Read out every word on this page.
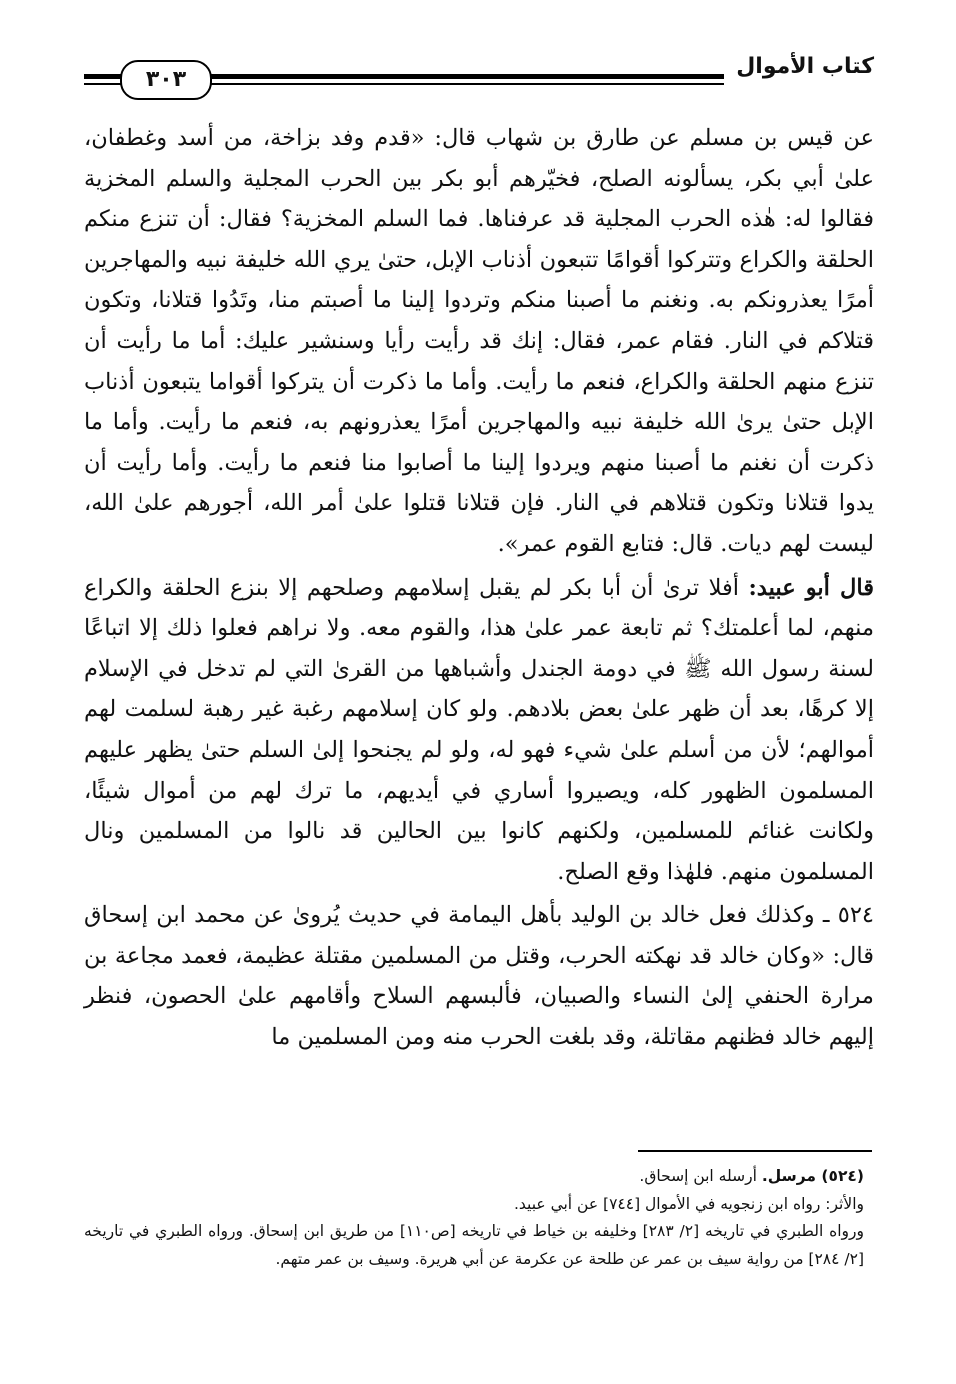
كتاب الأموال
٣٠٣

عن قيس بن مسلم عن طارق بن شهاب قال: «قدم وفد بزاخة، من أسد وغطفان، علىٰ أبي بكر، يسألونه الصلح، فخيّرهم أبو بكر بين الحرب المجلية والسلم المخزية فقالوا له: هٰذه الحرب المجلية قد عرفناها. فما السلم المخزية؟ فقال: أن تنزع منكم الحلقة والكراع وتتركوا أقوامًا تتبعون أذناب الإبل، حتىٰ يري الله خليفة نبيه والمهاجرين أمرًا يعذرونكم به. ونغنم ما أصبنا منكم وتردوا إلينا ما أصبتم منا، وتَدُوا قتلانا، وتكون قتلاكم في النار. فقام عمر، فقال: إنك قد رأيت رأيا وسنشير عليك: أما ما رأيت أن تنزع منهم الحلقة والكراع، فنعم ما رأيت. وأما ما ذكرت أن يتركوا أقواما يتبعون أذناب الإبل حتىٰ يرىٰ الله خليفة نبيه والمهاجرين أمرًا يعذرونهم به، فنعم ما رأيت. وأما ما ذكرت أن نغنم ما أصبنا منهم ويردوا إلينا ما أصابوا منا فنعم ما رأيت. وأما رأيت أن يدوا قتلانا وتكون قتلاهم في النار. فإن قتلانا قتلوا علىٰ أمر الله، أجورهم علىٰ الله، ليست لهم ديات. قال: فتابع القوم عمر».

قال أبو عبيد: أفلا ترىٰ أن أبا بكر لم يقبل إسلامهم وصلحهم إلا بنزع الحلقة والكراع منهم، لما أعلمتك؟ ثم تابعة عمر علىٰ هذا، والقوم معه. ولا نراهم فعلوا ذلك إلا اتباعًا لسنة رسول الله ﷺ في دومة الجندل وأشباهها من القرىٰ التي لم تدخل في الإسلام إلا كرهًا، بعد أن ظهر علىٰ بعض بلادهم. ولو كان إسلامهم رغبة غير رهبة لسلمت لهم أموالهم؛ لأن من أسلم علىٰ شيء فهو له، ولو لم يجنحوا إلىٰ السلم حتىٰ يظهر عليهم المسلمون الظهور كله، ويصيروا أساري في أيديهم، ما ترك لهم من أموال شيئًا، ولكانت غنائم للمسلمين، ولكنهم كانوا بين الحالين قد نالوا من المسلمين ونال المسلمون منهم. فلهٰذا وقع الصلح.

٥٢٤ ـ وكذلك فعل خالد بن الوليد بأهل اليمامة في حديث يُروىٰ عن محمد ابن إسحاق قال: «وكان خالد قد نهكته الحرب، وقتل من المسلمين مقتلة عظيمة، فعمد مجاعة بن مرارة الحنفي إلىٰ النساء والصبيان، فألبسهم السلاح وأقامهم علىٰ الحصون، فنظر إليهم خالد فظنهم مقاتلة، وقد بلغت الحرب منه ومن المسلمين ما

(٥٢٤) مرسل. أرسله ابن إسحاق.

والأثر: رواه ابن زنجويه في الأموال [٧٤٤] عن أبي عبيد.

ورواه الطبري في تاريخه [٢/ ٢٨٣] وخليفه بن خياط في تاريخه [ص١١٠] من طريق ابن إسحاق. ورواه الطبري في تاريخه [٢/ ٢٨٤] من رواية سيف بن عمر عن طلحة عن عكرمة عن أبي هريرة. وسيف بن عمر متهم.
